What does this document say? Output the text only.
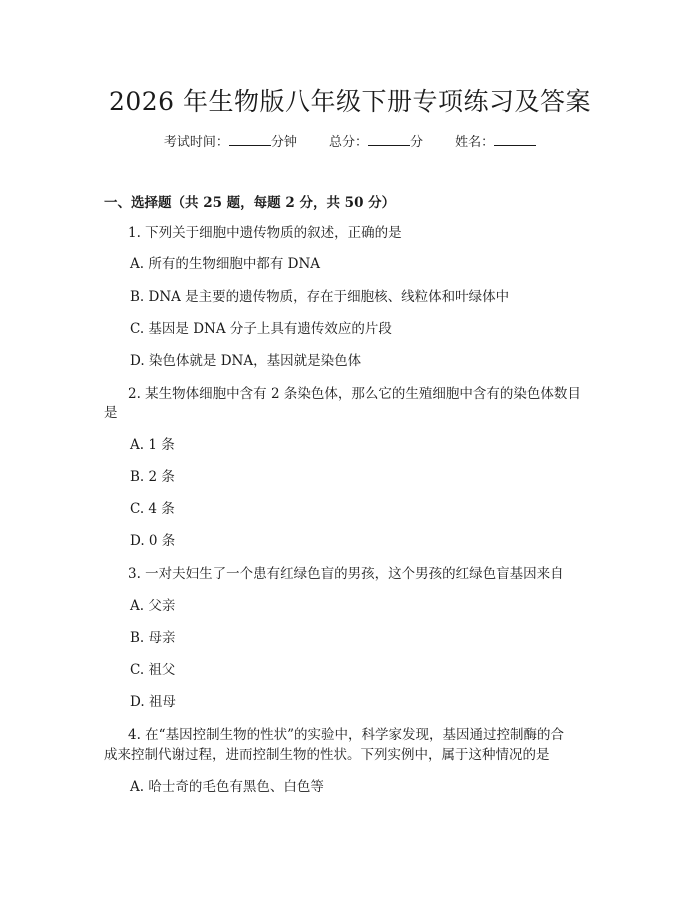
2026 年生物版八年级下册专项练习及答案
考试时间：	分钟 总分：	分 姓名：
一、选择题（共 25 题，每题 2 分，共 50 分）
1. 下列关于细胞中遗传物质的叙述，正确的是
A. 所有的生物细胞中都有 DNA
B. DNA 是主要的遗传物质，存在于细胞核、线粒体和叶绿体中
C. 基因是 DNA 分子上具有遗传效应的片段
D. 染色体就是 DNA，基因就是染色体
2. 某生物体细胞中含有 2 条染色体，那么它的生殖细胞中含有的染色体数目
是
A. 1 条
B. 2 条
C. 4 条
D. 0 条
3. 一对夫妇生了一个患有红绿色盲的男孩，这个男孩的红绿色盲基因来自
A. 父亲
B. 母亲
C. 祖父
D. 祖母
4. 在“基因控制生物的性状”的实验中，科学家发现，基因通过控制酶的合
成来控制代谢过程，进而控制生物的性状。下列实例中，属于这种情况的是
A. 哈士奇的毛色有黑色、白色等
